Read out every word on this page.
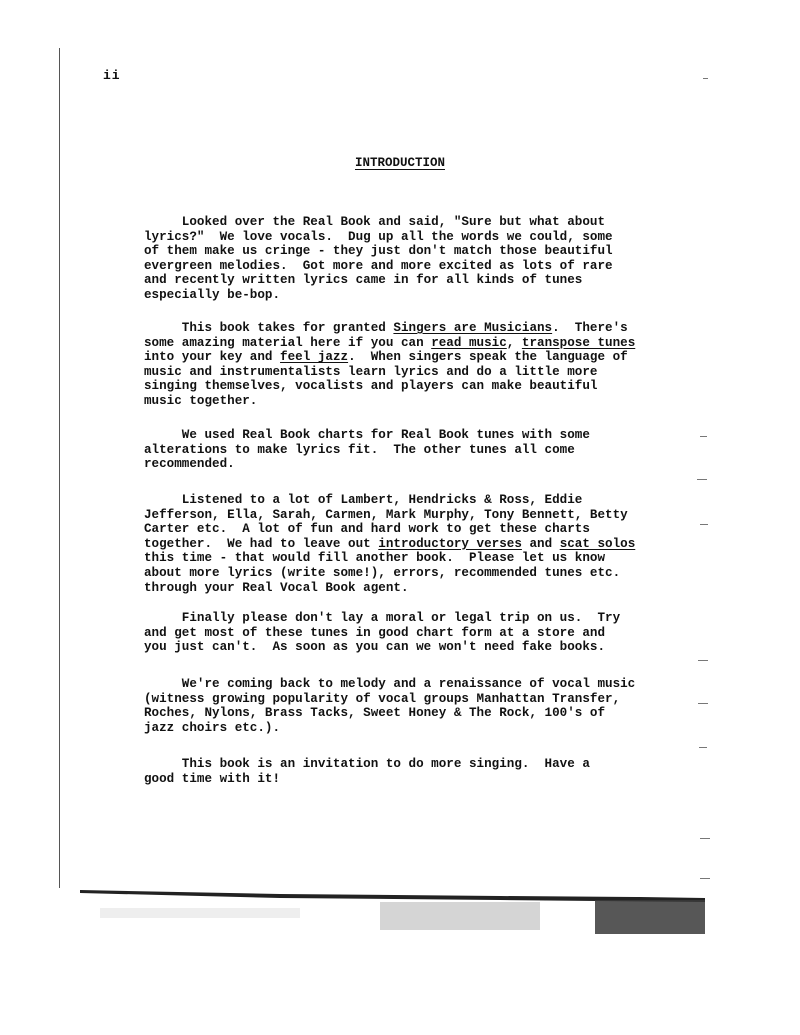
ii
INTRODUCTION
Looked over the Real Book and said, "Sure but what about
lyrics?"  We love vocals.  Dug up all the words we could, some
of them make us cringe - they just don't match those beautiful
evergreen melodies.  Got more and more excited as lots of rare
and recently written lyrics came in for all kinds of tunes
especially be-bop.
This book takes for granted Singers are Musicians.  There's
some amazing material here if you can read music, transpose tunes
into your key and feel jazz.  When singers speak the language of
music and instrumentalists learn lyrics and do a little more
singing themselves, vocalists and players can make beautiful
music together.
We used Real Book charts for Real Book tunes with some
alterations to make lyrics fit.  The other tunes all come
recommended.
Listened to a lot of Lambert, Hendricks & Ross, Eddie
Jefferson, Ella, Sarah, Carmen, Mark Murphy, Tony Bennett, Betty
Carter etc.  A lot of fun and hard work to get these charts
together.  We had to leave out introductory verses and scat solos
this time - that would fill another book.  Please let us know
about more lyrics (write some!), errors, recommended tunes etc.
through your Real Vocal Book agent.
Finally please don't lay a moral or legal trip on us.  Try
and get most of these tunes in good chart form at a store and
you just can't.  As soon as you can we won't need fake books.
We're coming back to melody and a renaissance of vocal music
(witness growing popularity of vocal groups Manhattan Transfer,
Roches, Nylons, Brass Tacks, Sweet Honey & The Rock, 100's of
jazz choirs etc.).
This book is an invitation to do more singing.  Have a
good time with it!
